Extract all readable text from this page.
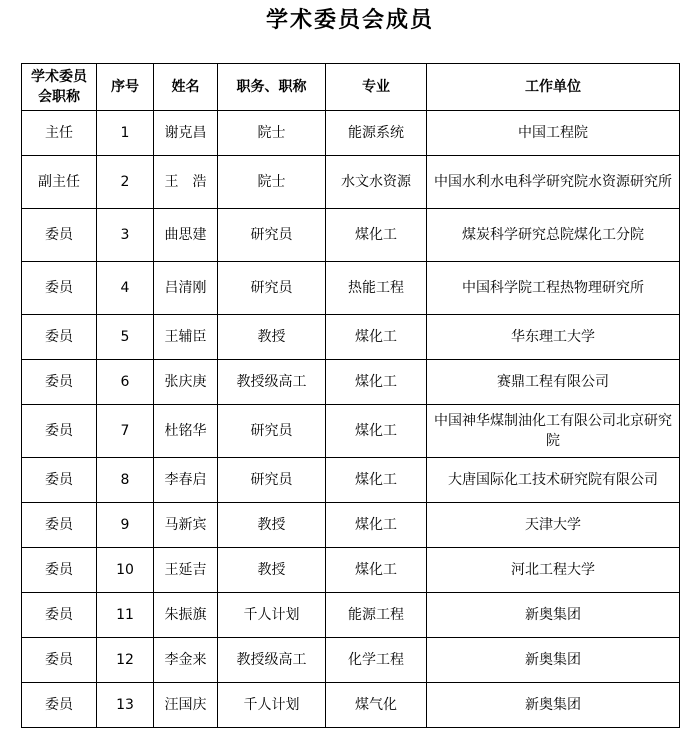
学术委员会成员
学术委员会职称	序号	姓名	职务、职称	专业	工作单位
主任	1	谢克昌	院士	能源系统	中国工程院
副主任	2	王　浩	院士	水文水资源	中国水利水电科学研究院水资源研究所
委员	3	曲思建	研究员	煤化工	煤炭科学研究总院煤化工分院
委员	4	吕清刚	研究员	热能工程	中国科学院工程热物理研究所
委员	5	王辅臣	教授	煤化工	华东理工大学
委员	6	张庆庚	教授级高工	煤化工	赛鼎工程有限公司
委员	7	杜铭华	研究员	煤化工	中国神华煤制油化工有限公司北京研究院
委员	8	李春启	研究员	煤化工	大唐国际化工技术研究院有限公司
委员	9	马新宾	教授	煤化工	天津大学
委员	10	王延吉	教授	煤化工	河北工程大学
委员	11	朱振旗	千人计划	能源工程	新奥集团
委员	12	李金来	教授级高工	化学工程	新奥集团
委员	13	汪国庆	千人计划	煤气化	新奥集团
